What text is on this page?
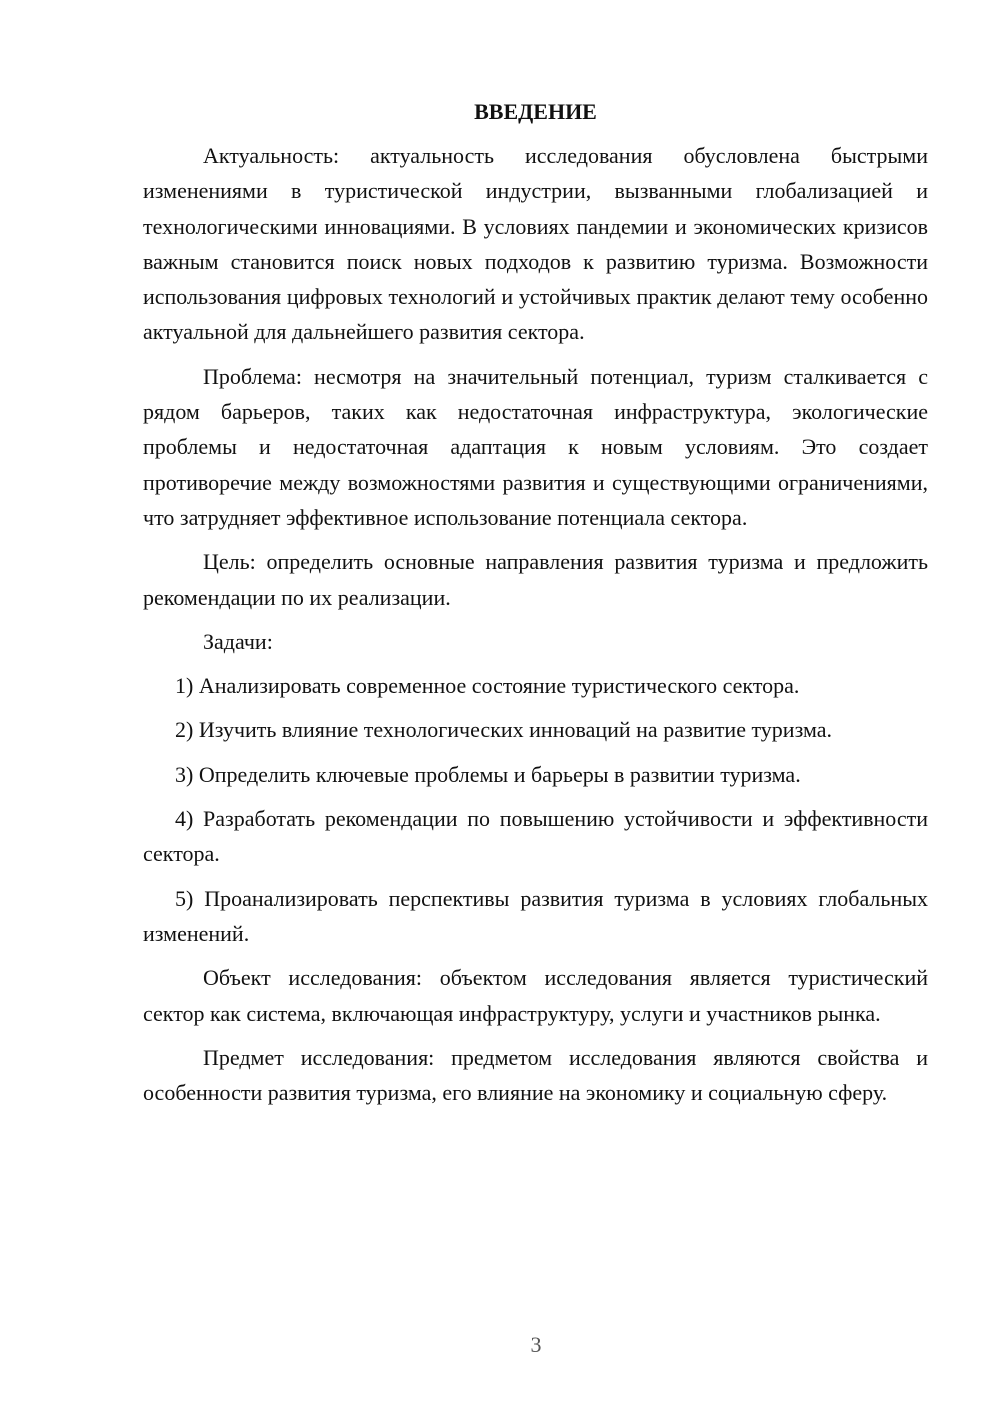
ВВЕДЕНИЕ

Актуальность: актуальность исследования обусловлена быстрыми изменениями в туристической индустрии, вызванными глобализацией и технологическими инновациями. В условиях пандемии и экономических кризисов важным становится поиск новых подходов к развитию туризма. Возможности использования цифровых технологий и устойчивых практик делают тему особенно актуальной для дальнейшего развития сектора.

Проблема: несмотря на значительный потенциал, туризм сталкивается с рядом барьеров, таких как недостаточная инфраструктура, экологические проблемы и недостаточная адаптация к новым условиям. Это создает противоречие между возможностями развития и существующими ограничениями, что затрудняет эффективное использование потенциала сектора.

Цель: определить основные направления развития туризма и предложить рекомендации по их реализации.

Задачи:

1) Анализировать современное состояние туристического сектора.

2) Изучить влияние технологических инноваций на развитие туризма.

3) Определить ключевые проблемы и барьеры в развитии туризма.

4) Разработать рекомендации по повышению устойчивости и эффективности сектора.

5) Проанализировать перспективы развития туризма в условиях глобальных изменений.

Объект исследования: объектом исследования является туристический сектор как система, включающая инфраструктуру, услуги и участников рынка.

Предмет исследования: предметом исследования являются свойства и особенности развития туризма, его влияние на экономику и социальную сферу.

3
